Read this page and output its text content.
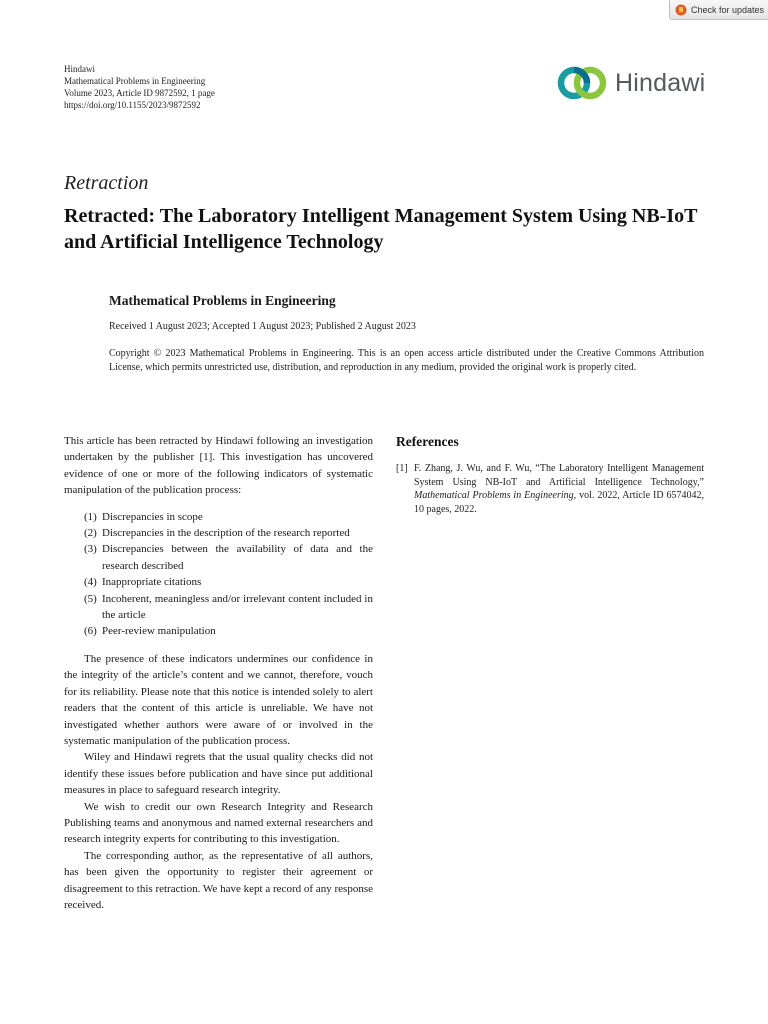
Check for updates
Hindawi
Mathematical Problems in Engineering
Volume 2023, Article ID 9872592, 1 page
https://doi.org/10.1155/2023/9872592
Hindawi
Retraction
Retracted: The Laboratory Intelligent Management System Using NB-IoT and Artificial Intelligence Technology
Mathematical Problems in Engineering
Received 1 August 2023; Accepted 1 August 2023; Published 2 August 2023

Copyright © 2023 Mathematical Problems in Engineering. This is an open access article distributed under the Creative Commons Attribution License, which permits unrestricted use, distribution, and reproduction in any medium, provided the original work is properly cited.

This article has been retracted by Hindawi following an investigation undertaken by the publisher [1]. This investigation has uncovered evidence of one or more of the following indicators of systematic manipulation of the publication process:

(1) Discrepancies in scope
(2) Discrepancies in the description of the research reported
(3) Discrepancies between the availability of data and the research described
(4) Inappropriate citations
(5) Incoherent, meaningless and/or irrelevant content included in the article
(6) Peer-review manipulation

The presence of these indicators undermines our confidence in the integrity of the article’s content and we cannot, therefore, vouch for its reliability. Please note that this notice is intended solely to alert readers that the content of this article is unreliable. We have not investigated whether authors were aware of or involved in the systematic manipulation of the publication process.

Wiley and Hindawi regrets that the usual quality checks did not identify these issues before publication and have since put additional measures in place to safeguard research integrity.

We wish to credit our own Research Integrity and Research Publishing teams and anonymous and named external researchers and research integrity experts for contributing to this investigation.

The corresponding author, as the representative of all authors, has been given the opportunity to register their agreement or disagreement to this retraction. We have kept a record of any response received.

References
[1] F. Zhang, J. Wu, and F. Wu, “The Laboratory Intelligent Management System Using NB-IoT and Artificial Intelligence Technology,” Mathematical Problems in Engineering, vol. 2022, Article ID 6574042, 10 pages, 2022.
